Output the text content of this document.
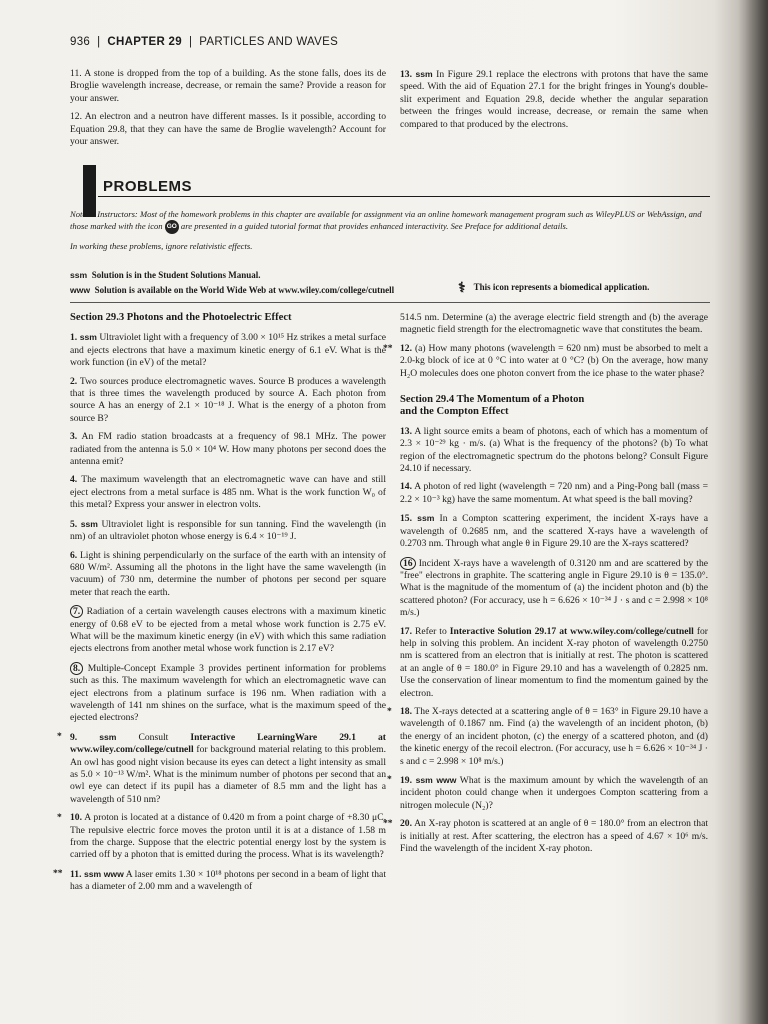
936  |  CHAPTER 29  |  PARTICLES AND WAVES

11. A stone is dropped from the top of a building. As the stone falls, does its de Broglie wavelength increase, decrease, or remain the same? Provide a reason for your answer.

12. An electron and a neutron have different masses. Is it possible, according to Equation 29.8, that they can have the same de Broglie wavelength? Account for your answer.

13. ssm In Figure 29.1 replace the electrons with protons that have the same speed. With the aid of Equation 27.1 for the bright fringes in Young's double-slit experiment and Equation 29.8, decide whether the angular separation between the fringes would increase, decrease, or remain the same when compared to that produced by the electrons.

PROBLEMS
Note to Instructors: Most of the homework problems in this chapter are available for assignment via an online homework management program such as WileyPLUS or WebAssign, and those marked with the icon GO are presented in a guided tutorial format that provides enhanced interactivity. See Preface for additional details.
In working these problems, ignore relativistic effects.
ssm Solution is in the Student Solutions Manual.
www Solution is available on the World Wide Web at www.wiley.com/college/cutnell	⚕ This icon represents a biomedical application.
Section 29.3 Photons and the Photoelectric Effect

1. ssm Ultraviolet light with a frequency of 3.00 × 10¹⁵ Hz strikes a metal surface and ejects electrons that have a maximum kinetic energy of 6.1 eV. What is the work function (in eV) of the metal?

2. Two sources produce electromagnetic waves. Source B produces a wavelength that is three times the wavelength produced by source A. Each photon from source A has an energy of 2.1 × 10⁻¹⁸ J. What is the energy of a photon from source B?

3. An FM radio station broadcasts at a frequency of 98.1 MHz. The power radiated from the antenna is 5.0 × 10⁴ W. How many photons per second does the antenna emit?

4. The maximum wavelength that an electromagnetic wave can have and still eject electrons from a metal surface is 485 nm. What is the work function W₀ of this metal? Express your answer in electron volts.

5. ssm Ultraviolet light is responsible for sun tanning. Find the wavelength (in nm) of an ultraviolet photon whose energy is 6.4 × 10⁻¹⁹ J.

6. Light is shining perpendicularly on the surface of the earth with an intensity of 680 W/m². Assuming all the photons in the light have the same wavelength (in vacuum) of 730 nm, determine the number of photons per second per square meter that reach the earth.

7. Radiation of a certain wavelength causes electrons with a maximum kinetic energy of 0.68 eV to be ejected from a metal whose work function is 2.75 eV. What will be the maximum kinetic energy (in eV) with which this same radiation ejects electrons from another metal whose work function is 2.17 eV?

8. Multiple-Concept Example 3 provides pertinent information for problems such as this. The maximum wavelength for which an electromagnetic wave can eject electrons from a platinum surface is 196 nm. When radiation with a wavelength of 141 nm shines on the surface, what is the maximum speed of the ejected electrons?

* 9.	ssm Consult Interactive LearningWare 29.1 at www.wiley.com/college/cutnell for background material relating to this problem. An owl has good night vision because its eyes can detect a light intensity as small as 5.0 × 10⁻¹³ W/m². What is the minimum number of photons per second that an owl eye can detect if its pupil has a diameter of 8.5 mm and the light has a wavelength of 510 nm?

* 10. A proton is located at a distance of 0.420 m from a point charge of +8.30 μC. The repulsive electric force moves the proton until it is at a distance of 1.58 m from the charge. Suppose that the electric potential energy lost by the system is carried off by a photon that is emitted during the process. What is its wavelength?

** 11. ssm www A laser emits 1.30 × 10¹⁸ photons per second in a beam of light that has a diameter of 2.00 mm and a wavelength of

514.5 nm. Determine (a) the average electric field strength and (b) the average magnetic field strength for the electromagnetic wave that constitutes the beam.

** 12. (a) How many photons (wavelength = 620 nm) must be absorbed to melt a 2.0-kg block of ice at 0 °C into water at 0 °C? (b) On the average, how many H₂O molecules does one photon convert from the ice phase to the water phase?

Section 29.4 The Momentum of a Photon
and the Compton Effect

13. A light source emits a beam of photons, each of which has a momentum of 2.3 × 10⁻²⁹ kg · m/s. (a) What is the frequency of the photons? (b) To what region of the electromagnetic spectrum do the photons belong? Consult Figure 24.10 if necessary.

14. A photon of red light (wavelength = 720 nm) and a Ping-Pong ball (mass = 2.2 × 10⁻³ kg) have the same momentum. At what speed is the ball moving?

15. ssm In a Compton scattering experiment, the incident X-rays have a wavelength of 0.2685 nm, and the scattered X-rays have a wavelength of 0.2703 nm. Through what angle θ in Figure 29.10 are the X-rays scattered?

16 Incident X-rays have a wavelength of 0.3120 nm and are scattered by the "free" electrons in graphite. The scattering angle in Figure 29.10 is θ = 135.0°. What is the magnitude of the momentum of (a) the incident photon and (b) the scattered photon? (For accuracy, use h = 6.626 × 10⁻³⁴ J · s and c = 2.998 × 10⁸ m/s.)

17. Refer to Interactive Solution 29.17 at www.wiley.com/college/cutnell for help in solving this problem. An incident X-ray photon of wavelength 0.2750 nm is scattered from an electron that is initially at rest. The photon is scattered at an angle of θ = 180.0° in Figure 29.10 and has a wavelength of 0.2825 nm. Use the conservation of linear momentum to find the momentum gained by the electron.

* 18. The X-rays detected at a scattering angle of θ = 163° in Figure 29.10 have a wavelength of 0.1867 nm. Find (a) the wavelength of an incident photon, (b) the energy of an incident photon, (c) the energy of a scattered photon, and (d) the kinetic energy of the recoil electron. (For accuracy, use h = 6.626 × 10⁻³⁴ J · s and c = 2.998 × 10⁸ m/s.)

* 19. ssm www What is the maximum amount by which the wavelength of an incident photon could change when it undergoes Compton scattering from a nitrogen molecule (N₂)?

** 20. An X-ray photon is scattered at an angle of θ = 180.0° from an electron that is initially at rest. After scattering, the electron has a speed of 4.67 × 10⁶ m/s. Find the wavelength of the incident X-ray photon.
